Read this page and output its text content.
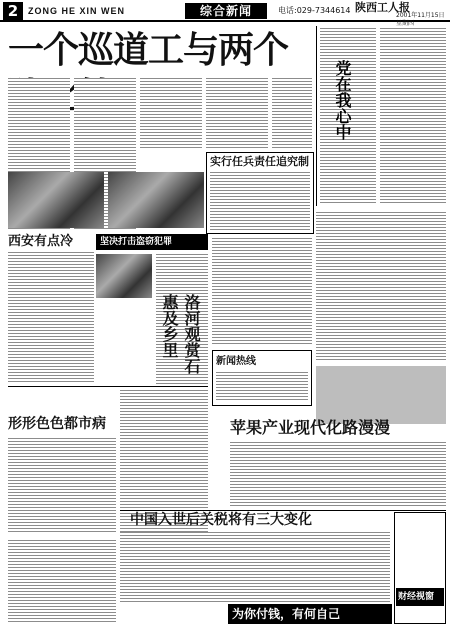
2	ZONG HE XIN WEN	综合新闻	电话:029-7344614 陕西工人报
2001年11月15日 星期四
一个巡道工与两个
党在我心中
实行任兵责任追究制
西安有点冷	坚决打击盗窃犯罪
洛河观赏石惠及乡里
形形色色都市病
新闻热线
苹果产业现代化路漫漫
中国入世后关税将有三大变化
为你付钱，有何自己
财经视窗
